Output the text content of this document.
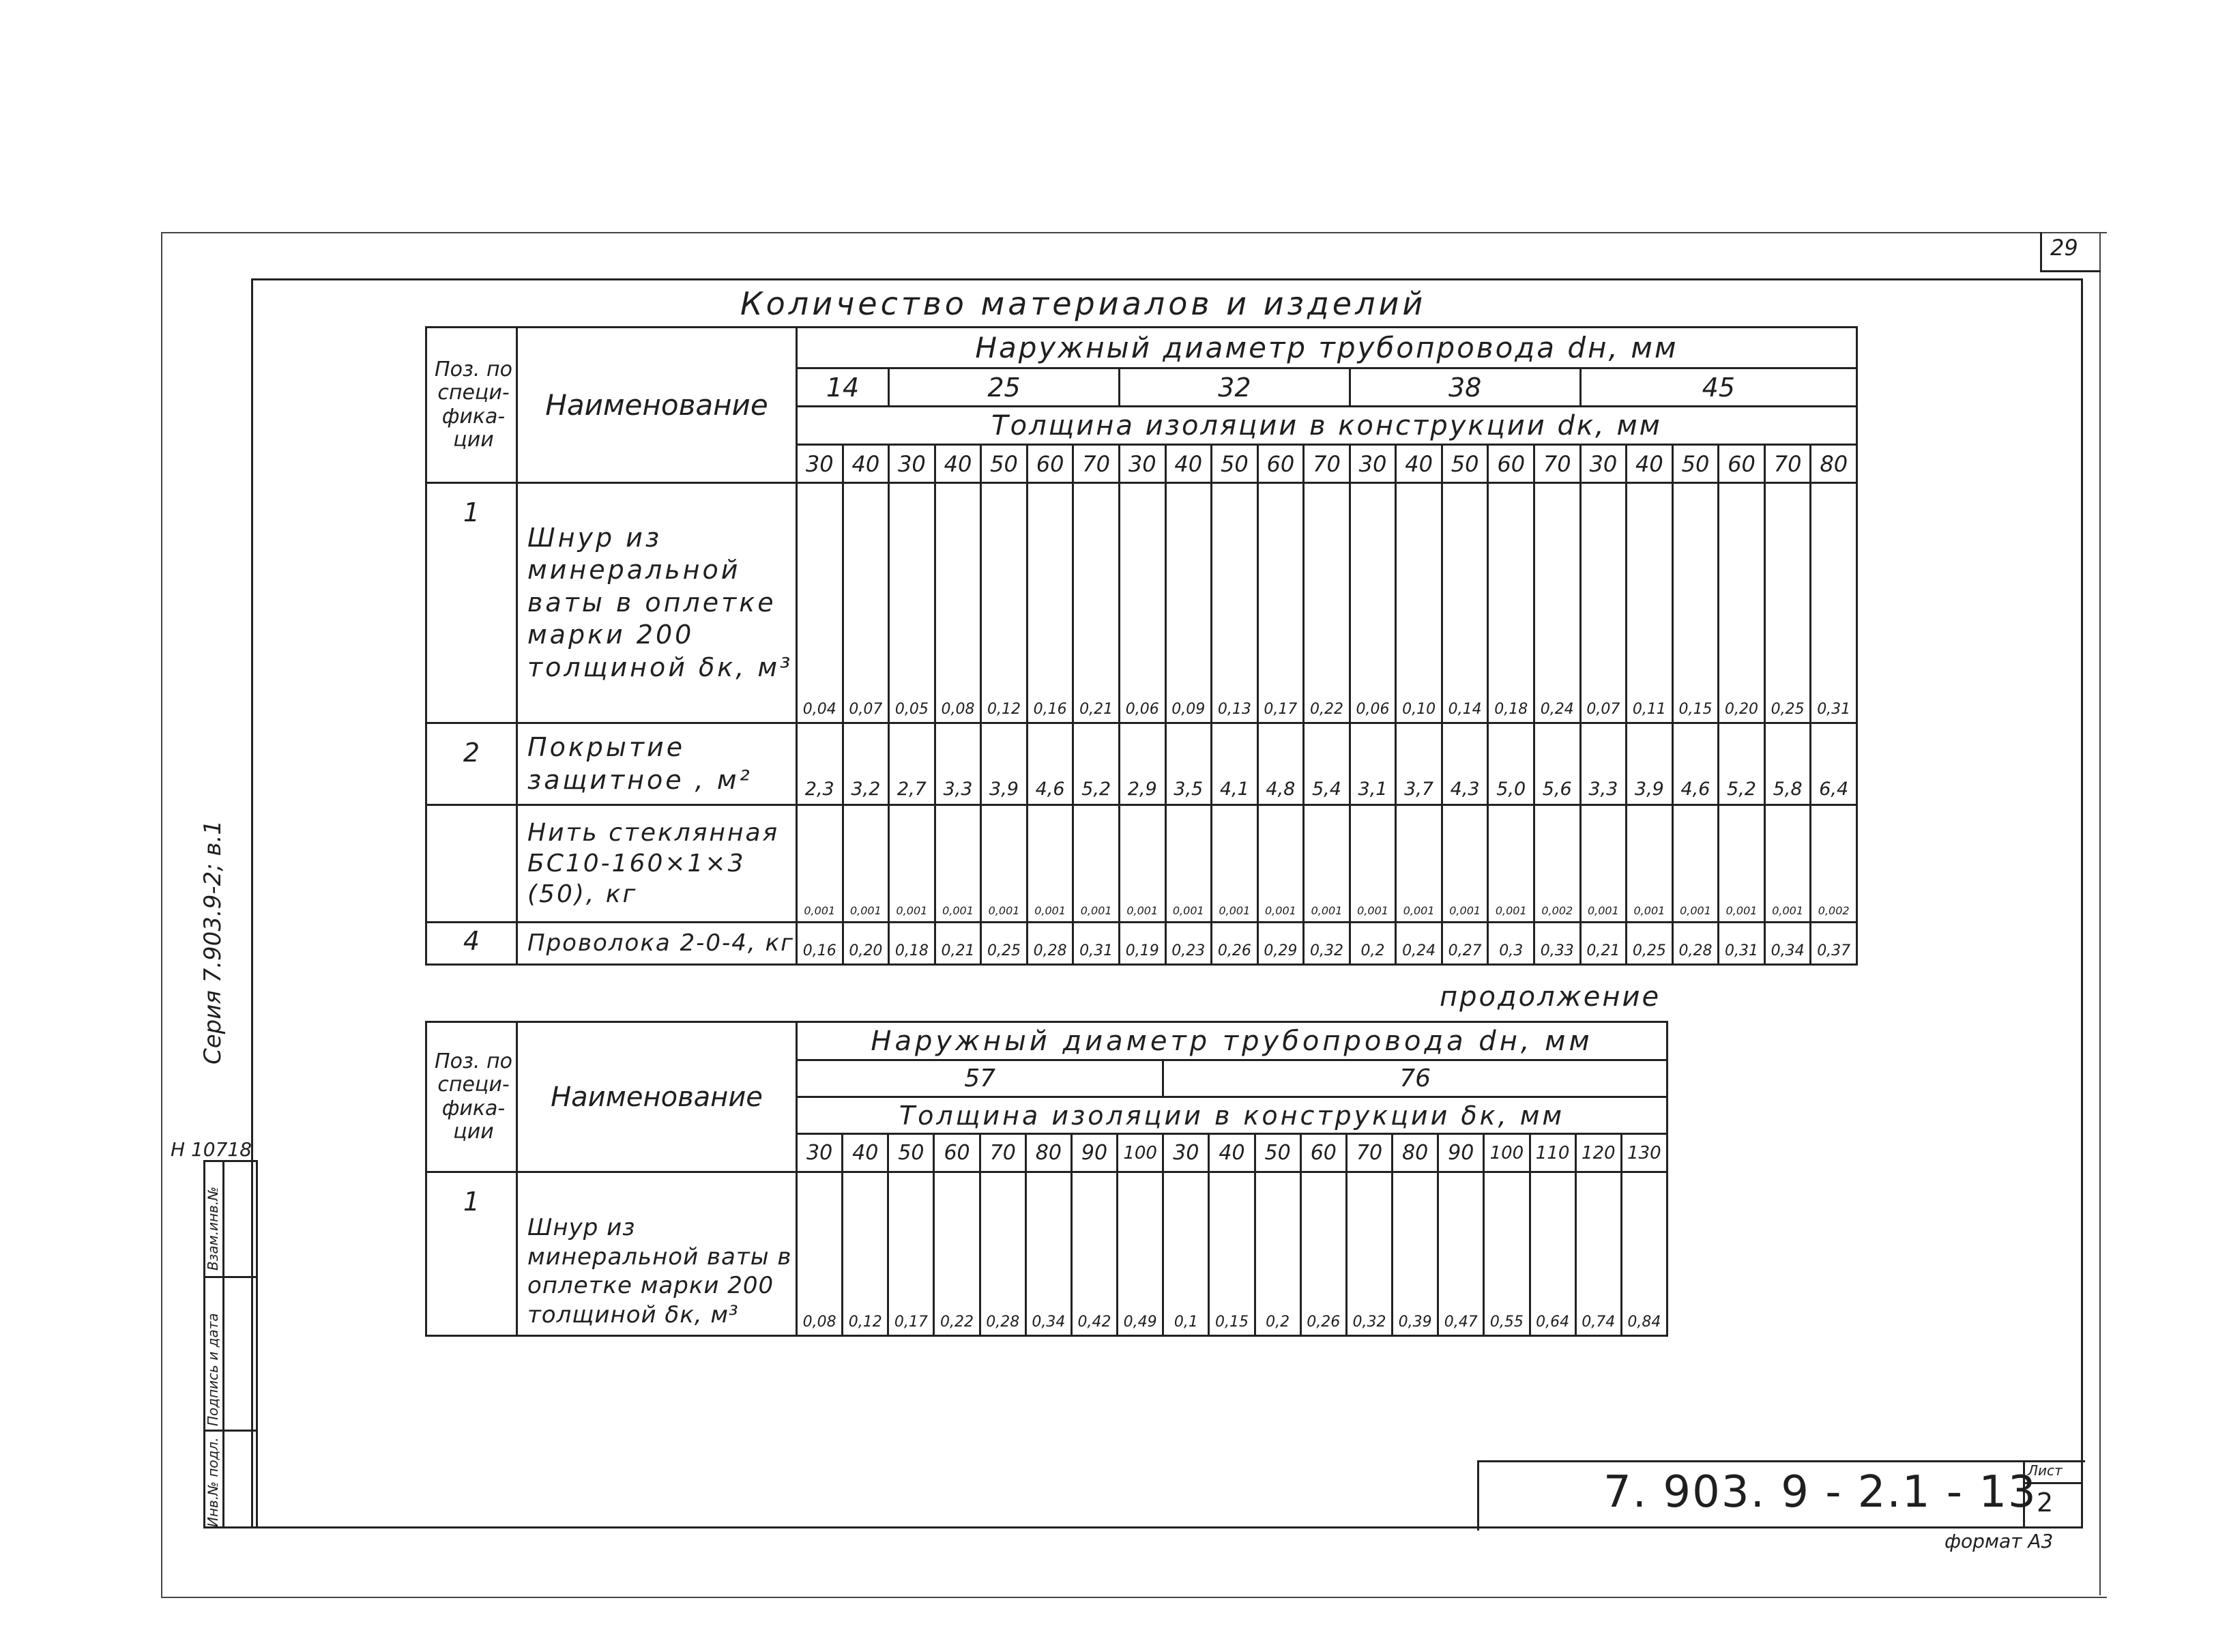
29
Количество материалов и изделий
Инв.№ подл.
Подпись и дата
Взам.инв.№
Н 10718
Серия 7.903.9-2; в.1
Поз. по специ- фика- ции	Наименование	Наружный диаметр трубопровода dн, мм																						
		14		25					32					38					45					
		Толщина изоляции в конструкции dк, мм																						
		30	40	30	40	50	60	70	30	40	50	60	70	30	40	50	60	70	30	40	50	60	70	80
1	Шнур из минеральной ваты в оплетке марки 200 толщиной δк, м³	0,04	0,07	0,05	0,08	0,12	0,16	0,21	0,06	0,09	0,13	0,17	0,22	0,06	0,10	0,14	0,18	0,24	0,07	0,11	0,15	0,20	0,25	0,31
2	Покрытие защитное , м²	2,3	3,2	2,7	3,3	3,9	4,6	5,2	2,9	3,5	4,1	4,8	5,4	3,1	3,7	4,3	5,0	5,6	3,3	3,9	4,6	5,2	5,8	6,4
	Нить стеклянная БС10-160×1×3 (50), кг	0,001	0,001	0,001	0,001	0,001	0,001	0,001	0,001	0,001	0,001	0,001	0,001	0,001	0,001	0,001	0,001	0,002	0,001	0,001	0,001	0,001	0,001	0,002
4	Проволока 2-0-4, кг	0,16	0,20	0,18	0,21	0,25	0,28	0,31	0,19	0,23	0,26	0,29	0,32	0,2	0,24	0,27	0,3	0,33	0,21	0,25	0,28	0,31	0,34	0,37
продолжение
Поз. по специ- фика- ции	Наименование	Наружный диаметр трубопровода dн, мм																		
		57								76										
		Толщина изоляции в конструкции δк, мм																		
		30	40	50	60	70	80	90	100	30	40	50	60	70	80	90	100	110	120	130
1	Шнур из минеральной ваты в оплетке марки 200 толщиной δк, м³	0,08	0,12	0,17	0,22	0,28	0,34	0,42	0,49	0,1	0,15	0,2	0,26	0,32	0,39	0,47	0,55	0,64	0,74	0,84
7. 903. 9 - 2.1 - 13
Лист
2
формат А3
